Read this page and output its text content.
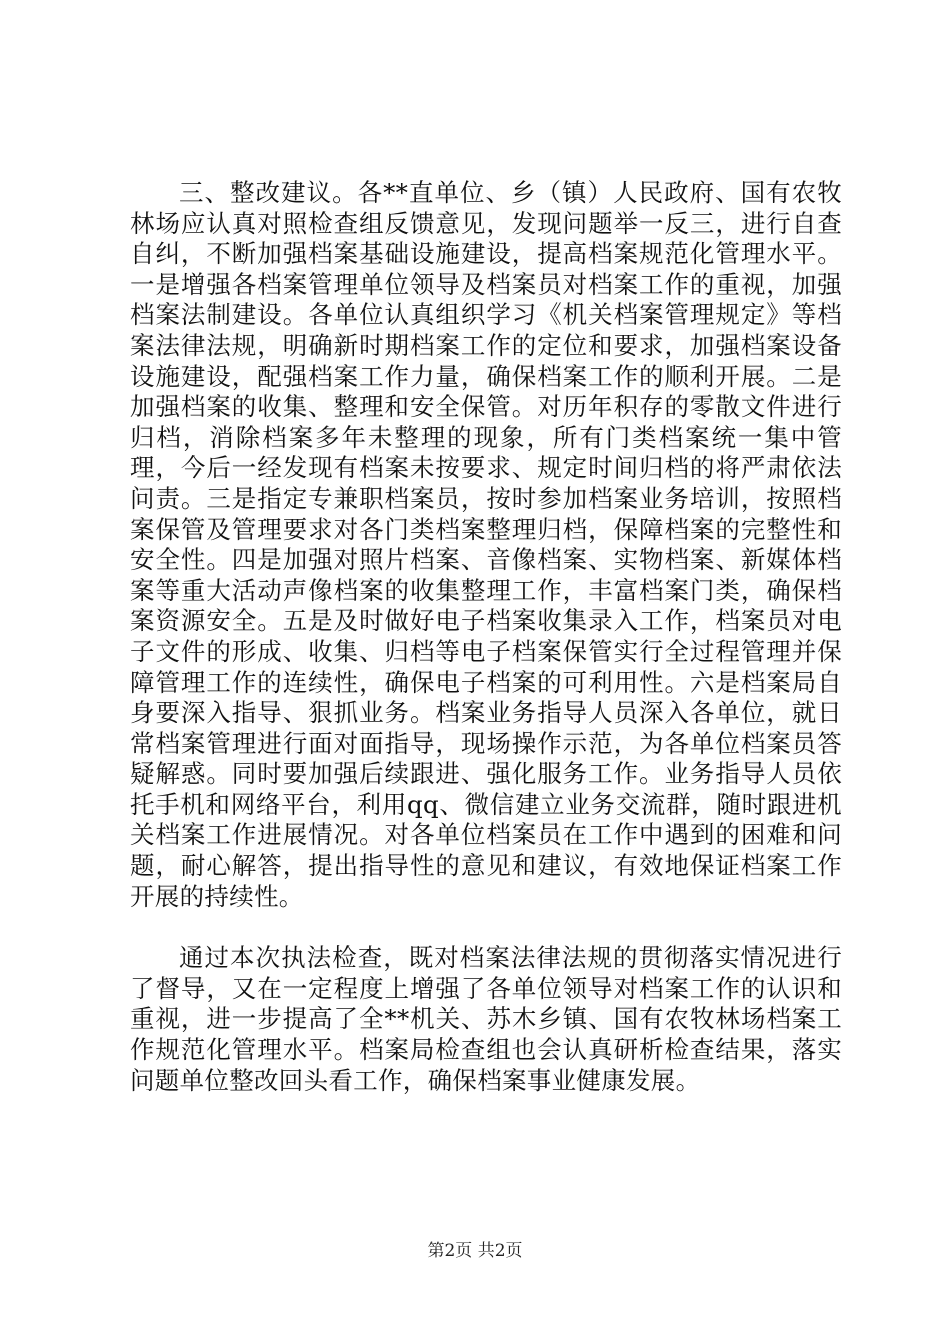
三、整改建议。各**直单位、乡（镇）人民政府、国有农牧林场应认真对照检查组反馈意见，发现问题举一反三，进行自查自纠，不断加强档案基础设施建设，提高档案规范化管理水平。一是增强各档案管理单位领导及档案员对档案工作的重视，加强档案法制建设。各单位认真组织学习《机关档案管理规定》等档案法律法规，明确新时期档案工作的定位和要求，加强档案设备设施建设，配强档案工作力量，确保档案工作的顺利开展。二是加强档案的收集、整理和安全保管。对历年积存的零散文件进行归档，消除档案多年未整理的现象，所有门类档案统一集中管理，今后一经发现有档案未按要求、规定时间归档的将严肃依法问责。三是指定专兼职档案员，按时参加档案业务培训，按照档案保管及管理要求对各门类档案整理归档，保障档案的完整性和安全性。四是加强对照片档案、音像档案、实物档案、新媒体档案等重大活动声像档案的收集整理工作，丰富档案门类，确保档案资源安全。五是及时做好电子档案收集录入工作，档案员对电子文件的形成、收集、归档等电子档案保管实行全过程管理并保障管理工作的连续性，确保电子档案的可利用性。六是档案局自身要深入指导、狠抓业务。档案业务指导人员深入各单位，就日常档案管理进行面对面指导，现场操作示范，为各单位档案员答疑解惑。同时要加强后续跟进、强化服务工作。业务指导人员依托手机和网络平台，利用qq、微信建立业务交流群，随时跟进机关档案工作进展情况。对各单位档案员在工作中遇到的困难和问题，耐心解答，提出指导性的意见和建议，有效地保证档案工作开展的持续性。

通过本次执法检查，既对档案法律法规的贯彻落实情况进行了督导，又在一定程度上增强了各单位领导对档案工作的认识和重视，进一步提高了全**机关、苏木乡镇、国有农牧林场档案工作规范化管理水平。档案局检查组也会认真研析检查结果，落实问题单位整改回头看工作，确保档案事业健康发展。

第2页 共2页
